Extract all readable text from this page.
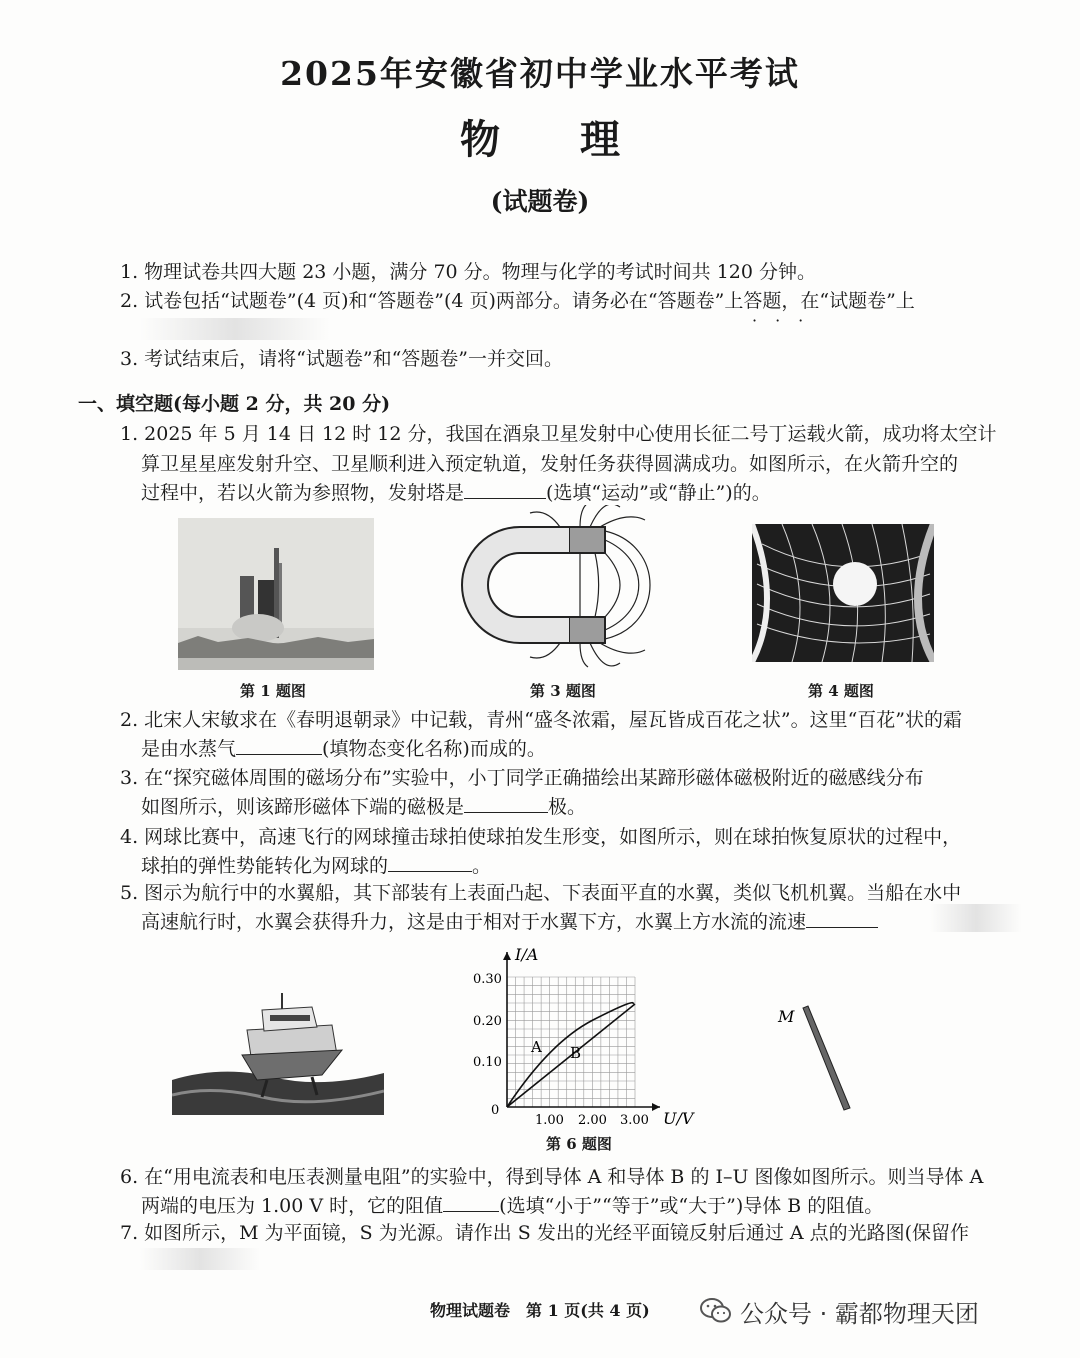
2025年安徽省初中学业水平考试
物 理
(试题卷)
1. 物理试卷共四大题 23 小题，满分 70 分。物理与化学的考试时间共 120 分钟。
2. 试卷包括“试题卷”(4 页)和“答题卷”(4 页)两部分。请务必在“答题卷”上答题，在“试题卷”上
···
3. 考试结束后，请将“试题卷”和“答题卷”一并交回。
一、填空题(每小题 2 分，共 20 分)
1. 2025 年 5 月 14 日 12 时 12 分，我国在酒泉卫星发射中心使用长征二号丁运载火箭，成功将太空计
算卫星星座发射升空、卫星顺利进入预定轨道，发射任务获得圆满成功。如图所示，在火箭升空的
过程中，若以火箭为参照物，发射塔是	(选填“运动”或“静止”)的。
第 1 题图	第 3 题图	第 4 题图
2. 北宋人宋敏求在《春明退朝录》中记载，青州“盛冬浓霜，屋瓦皆成百花之状”。这里“百花”状的霜
是由水蒸气	(填物态变化名称)而成的。
3. 在“探究磁体周围的磁场分布”实验中，小丁同学正确描绘出某蹄形磁体磁极附近的磁感线分布
如图所示，则该蹄形磁体下端的磁极是	极。
4. 网球比赛中，高速飞行的网球撞击球拍使球拍发生形变，如图所示，则在球拍恢复原状的过程中，
球拍的弹性势能转化为网球的	。
5. 图示为航行中的水翼船，其下部装有上表面凸起、下表面平直的水翼，类似飞机机翼。当船在水中
高速航行时，水翼会获得升力，这是由于相对于水翼下方，水翼上方水流的流速
I/A
U/V
0
0.10
0.20
0.30
1.00 2.00 3.00
A B
第 6 题图
M
6. 在“用电流表和电压表测量电阻”的实验中，得到导体 A 和导体 B 的 I–U 图像如图所示。则当导体 A
两端的电压为 1.00 V 时，它的阻值	(选填“小于”“等于”或“大于”)导体 B 的阻值。
7. 如图所示，M 为平面镜，S 为光源。请作出 S 发出的光经平面镜反射后通过 A 点的光路图(保留作
物理试题卷　第 1 页(共 4 页)	公众号 · 霸都物理天团
